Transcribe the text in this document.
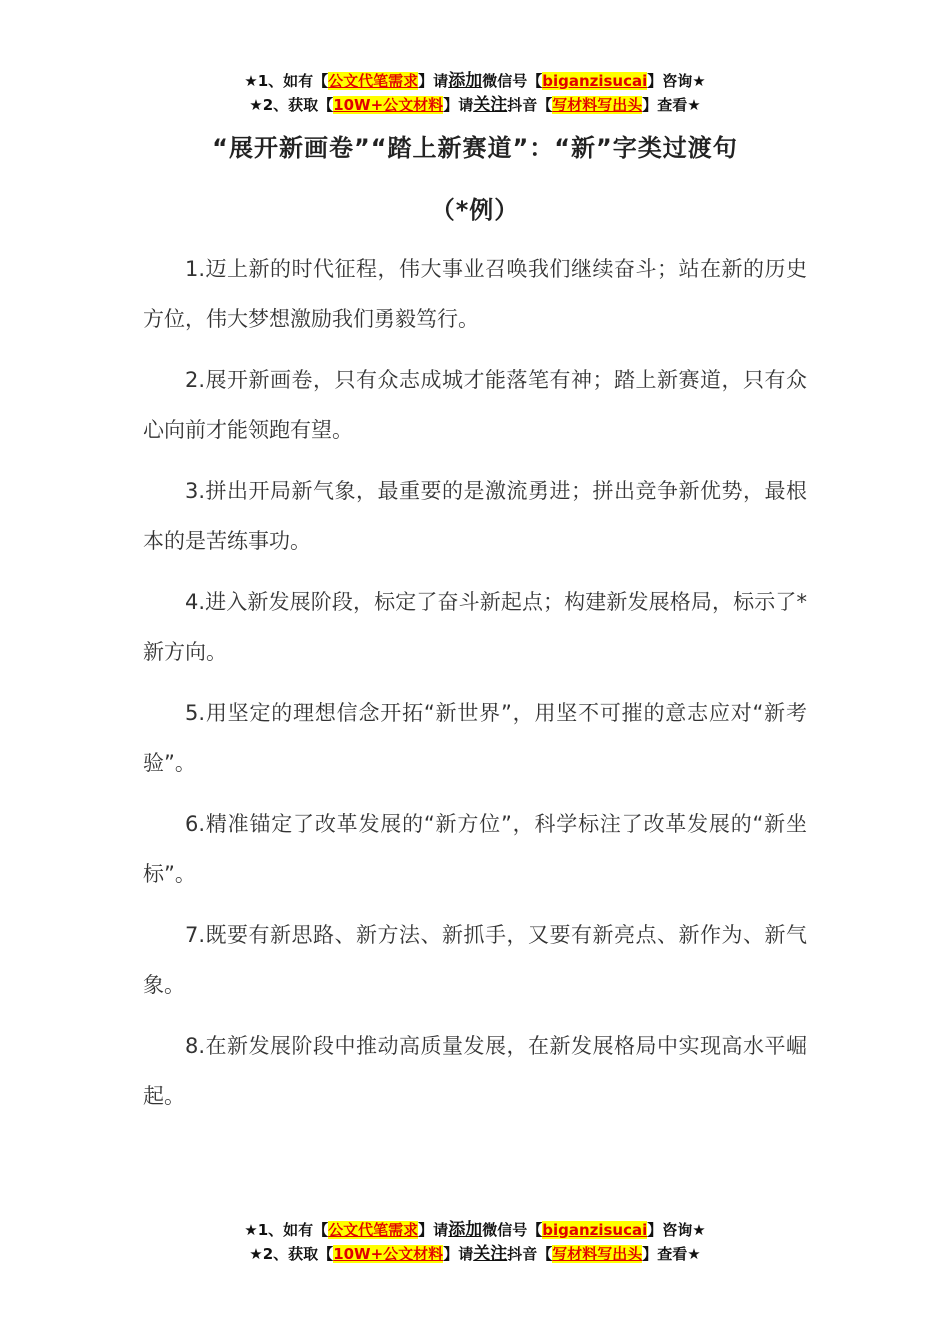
★1、如有【公文代笔需求】请添加微信号【biganzisucai】咨询★
★2、获取【10W+公文材料】请关注抖音【写材料写出头】查看★
“展开新画卷”“踏上新赛道”：“新”字类过渡句
（*例）

1.迈上新的时代征程，伟大事业召唤我们继续奋斗；站在新的历史方位，伟大梦想激励我们勇毅笃行。

2.展开新画卷，只有众志成城才能落笔有神；踏上新赛道，只有众心向前才能领跑有望。

3.拼出开局新气象，最重要的是激流勇进；拼出竞争新优势，最根本的是苦练事功。

4.进入新发展阶段，标定了奋斗新起点；构建新发展格局，标示了*新方向。

5.用坚定的理想信念开拓“新世界”，用坚不可摧的意志应对“新考验”。

6.精准锚定了改革发展的“新方位”，科学标注了改革发展的“新坐标”。

7.既要有新思路、新方法、新抓手，又要有新亮点、新作为、新气象。

8.在新发展阶段中推动高质量发展，在新发展格局中实现高水平崛起。

★1、如有【公文代笔需求】请添加微信号【biganzisucai】咨询★
★2、获取【10W+公文材料】请关注抖音【写材料写出头】查看★
